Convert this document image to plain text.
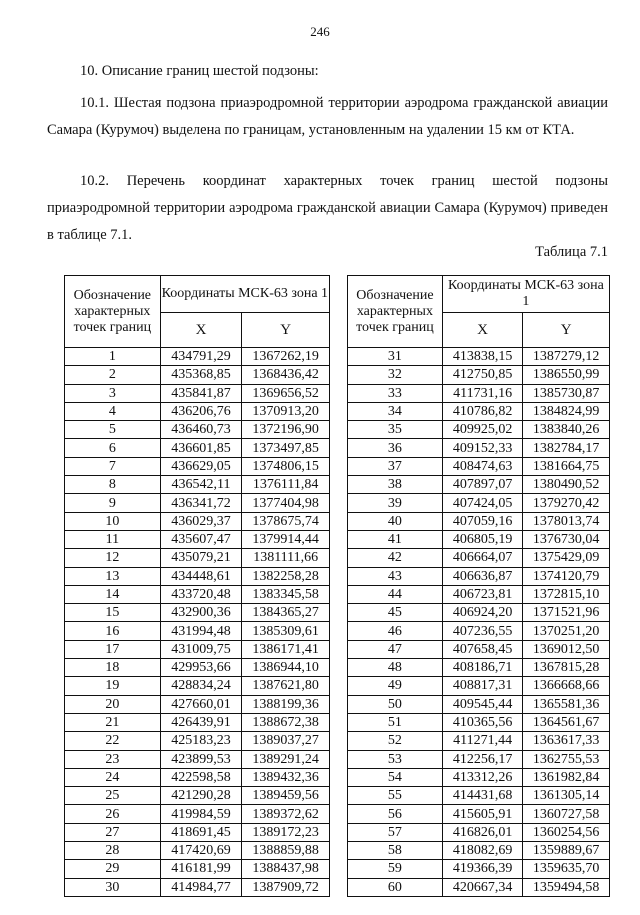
246

10. Описание границ шестой подзоны:

10.1. Шестая подзона приаэродромной территории аэродрома гражданской авиации Самара (Курумоч) выделена по границам, установленным на удалении 15 км от КТА.

10.2. Перечень координат характерных точек границ шестой подзоны приаэродромной территории аэродрома гражданской авиации Самара (Курумоч) приведен в таблице 7.1.

Таблица 7.1
Обозначение характерных точек границ	Координаты МСК-63 зона 1	
	X	Y
1	434791,29	1367262,19
2	435368,85	1368436,42
3	435841,87	1369656,52
4	436206,76	1370913,20
5	436460,73	1372196,90
6	436601,85	1373497,85
7	436629,05	1374806,15
8	436542,11	1376111,84
9	436341,72	1377404,98
10	436029,37	1378675,74
11	435607,47	1379914,44
12	435079,21	1381111,66
13	434448,61	1382258,28
14	433720,48	1383345,58
15	432900,36	1384365,27
16	431994,48	1385309,61
17	431009,75	1386171,41
18	429953,66	1386944,10
19	428834,24	1387621,80
20	427660,01	1388199,36
21	426439,91	1388672,38
22	425183,23	1389037,27
23	423899,53	1389291,24
24	422598,58	1389432,36
25	421290,28	1389459,56
26	419984,59	1389372,62
27	418691,45	1389172,23
28	417420,69	1388859,88
29	416181,99	1388437,98
30	414984,77	1387909,72
Обозначение характерных точек границ	Координаты МСК-63 зона 1	
	X	Y
31	413838,15	1387279,12
32	412750,85	1386550,99
33	411731,16	1385730,87
34	410786,82	1384824,99
35	409925,02	1383840,26
36	409152,33	1382784,17
37	408474,63	1381664,75
38	407897,07	1380490,52
39	407424,05	1379270,42
40	407059,16	1378013,74
41	406805,19	1376730,04
42	406664,07	1375429,09
43	406636,87	1374120,79
44	406723,81	1372815,10
45	406924,20	1371521,96
46	407236,55	1370251,20
47	407658,45	1369012,50
48	408186,71	1367815,28
49	408817,31	1366668,66
50	409545,44	1365581,36
51	410365,56	1364561,67
52	411271,44	1363617,33
53	412256,17	1362755,53
54	413312,26	1361982,84
55	414431,68	1361305,14
56	415605,91	1360727,58
57	416826,01	1360254,56
58	418082,69	1359889,67
59	419366,39	1359635,70
60	420667,34	1359494,58
